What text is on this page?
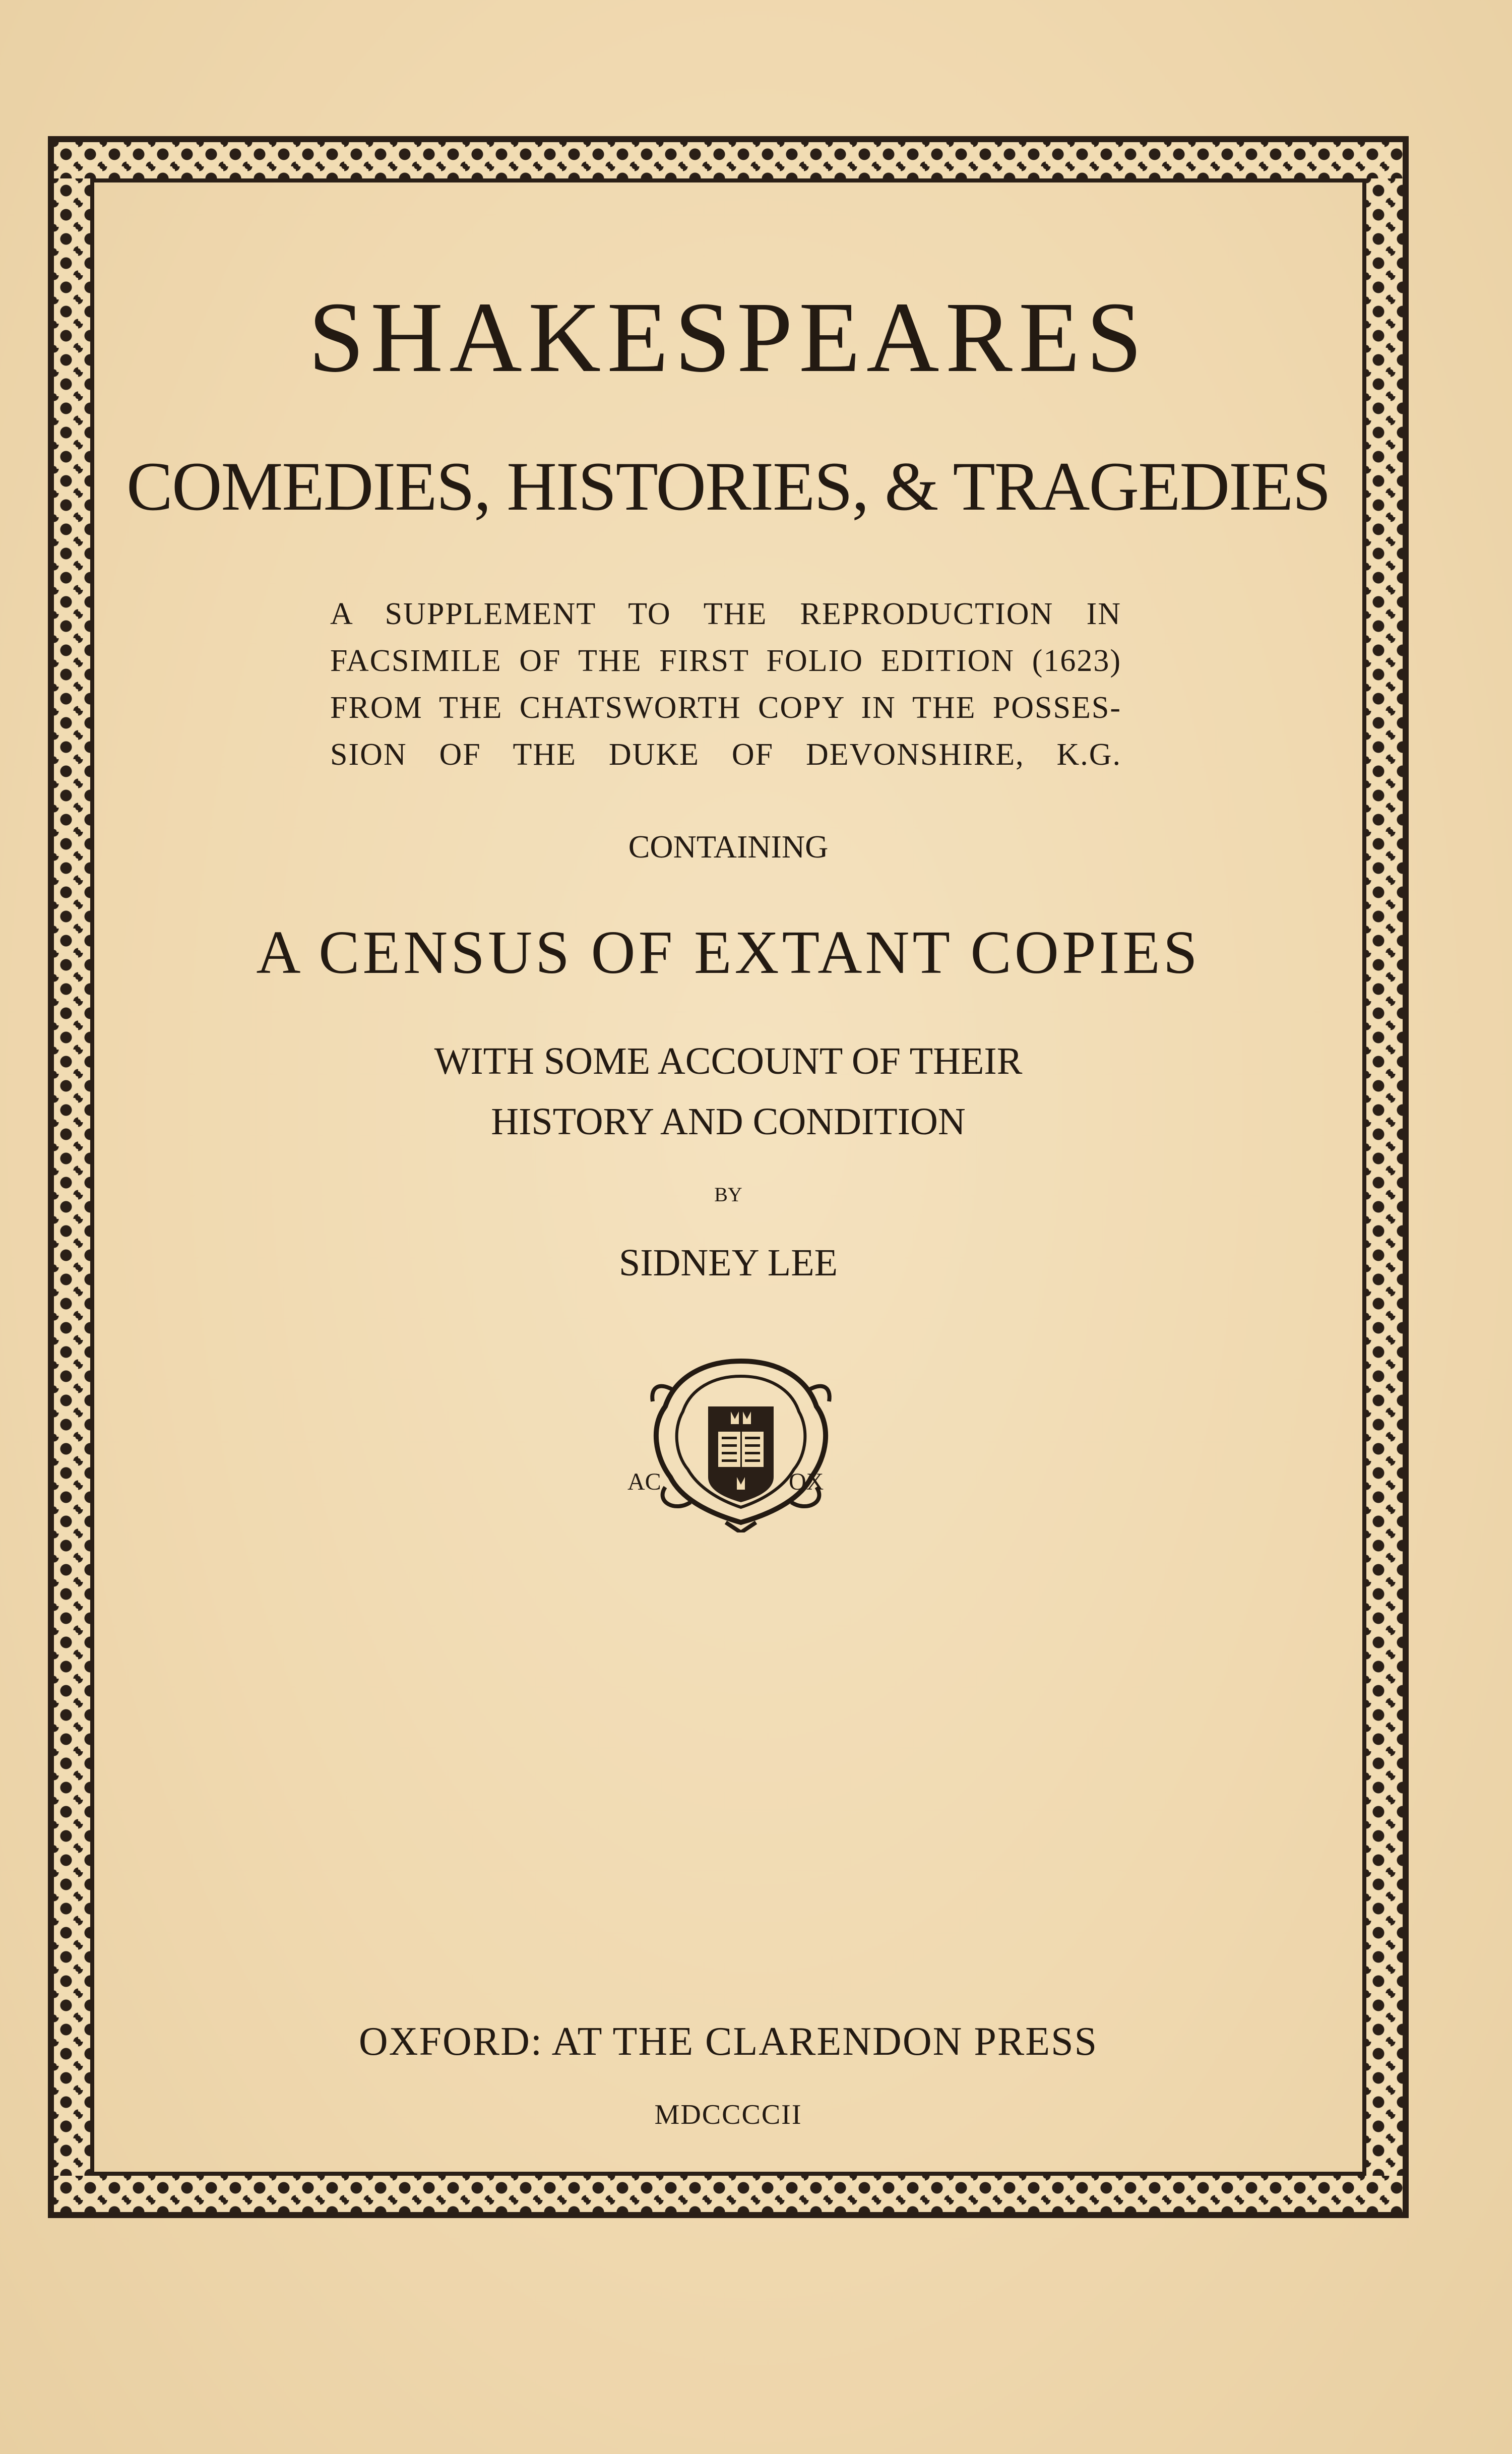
SHAKESPEARES
COMEDIES, HISTORIES, & TRAGEDIES
A SUPPLEMENT TO THE REPRODUCTION IN
FACSIMILE OF THE FIRST FOLIO EDITION (1623)
FROM THE CHATSWORTH COPY IN THE POSSES-
SION OF THE DUKE OF DEVONSHIRE, K.G.
CONTAINING
A CENSUS OF EXTANT COPIES
WITH SOME ACCOUNT OF THEIR
HISTORY AND CONDITION
BY
SIDNEY LEE
AC	OX
OXFORD: AT THE CLARENDON PRESS
MDCCCCII
